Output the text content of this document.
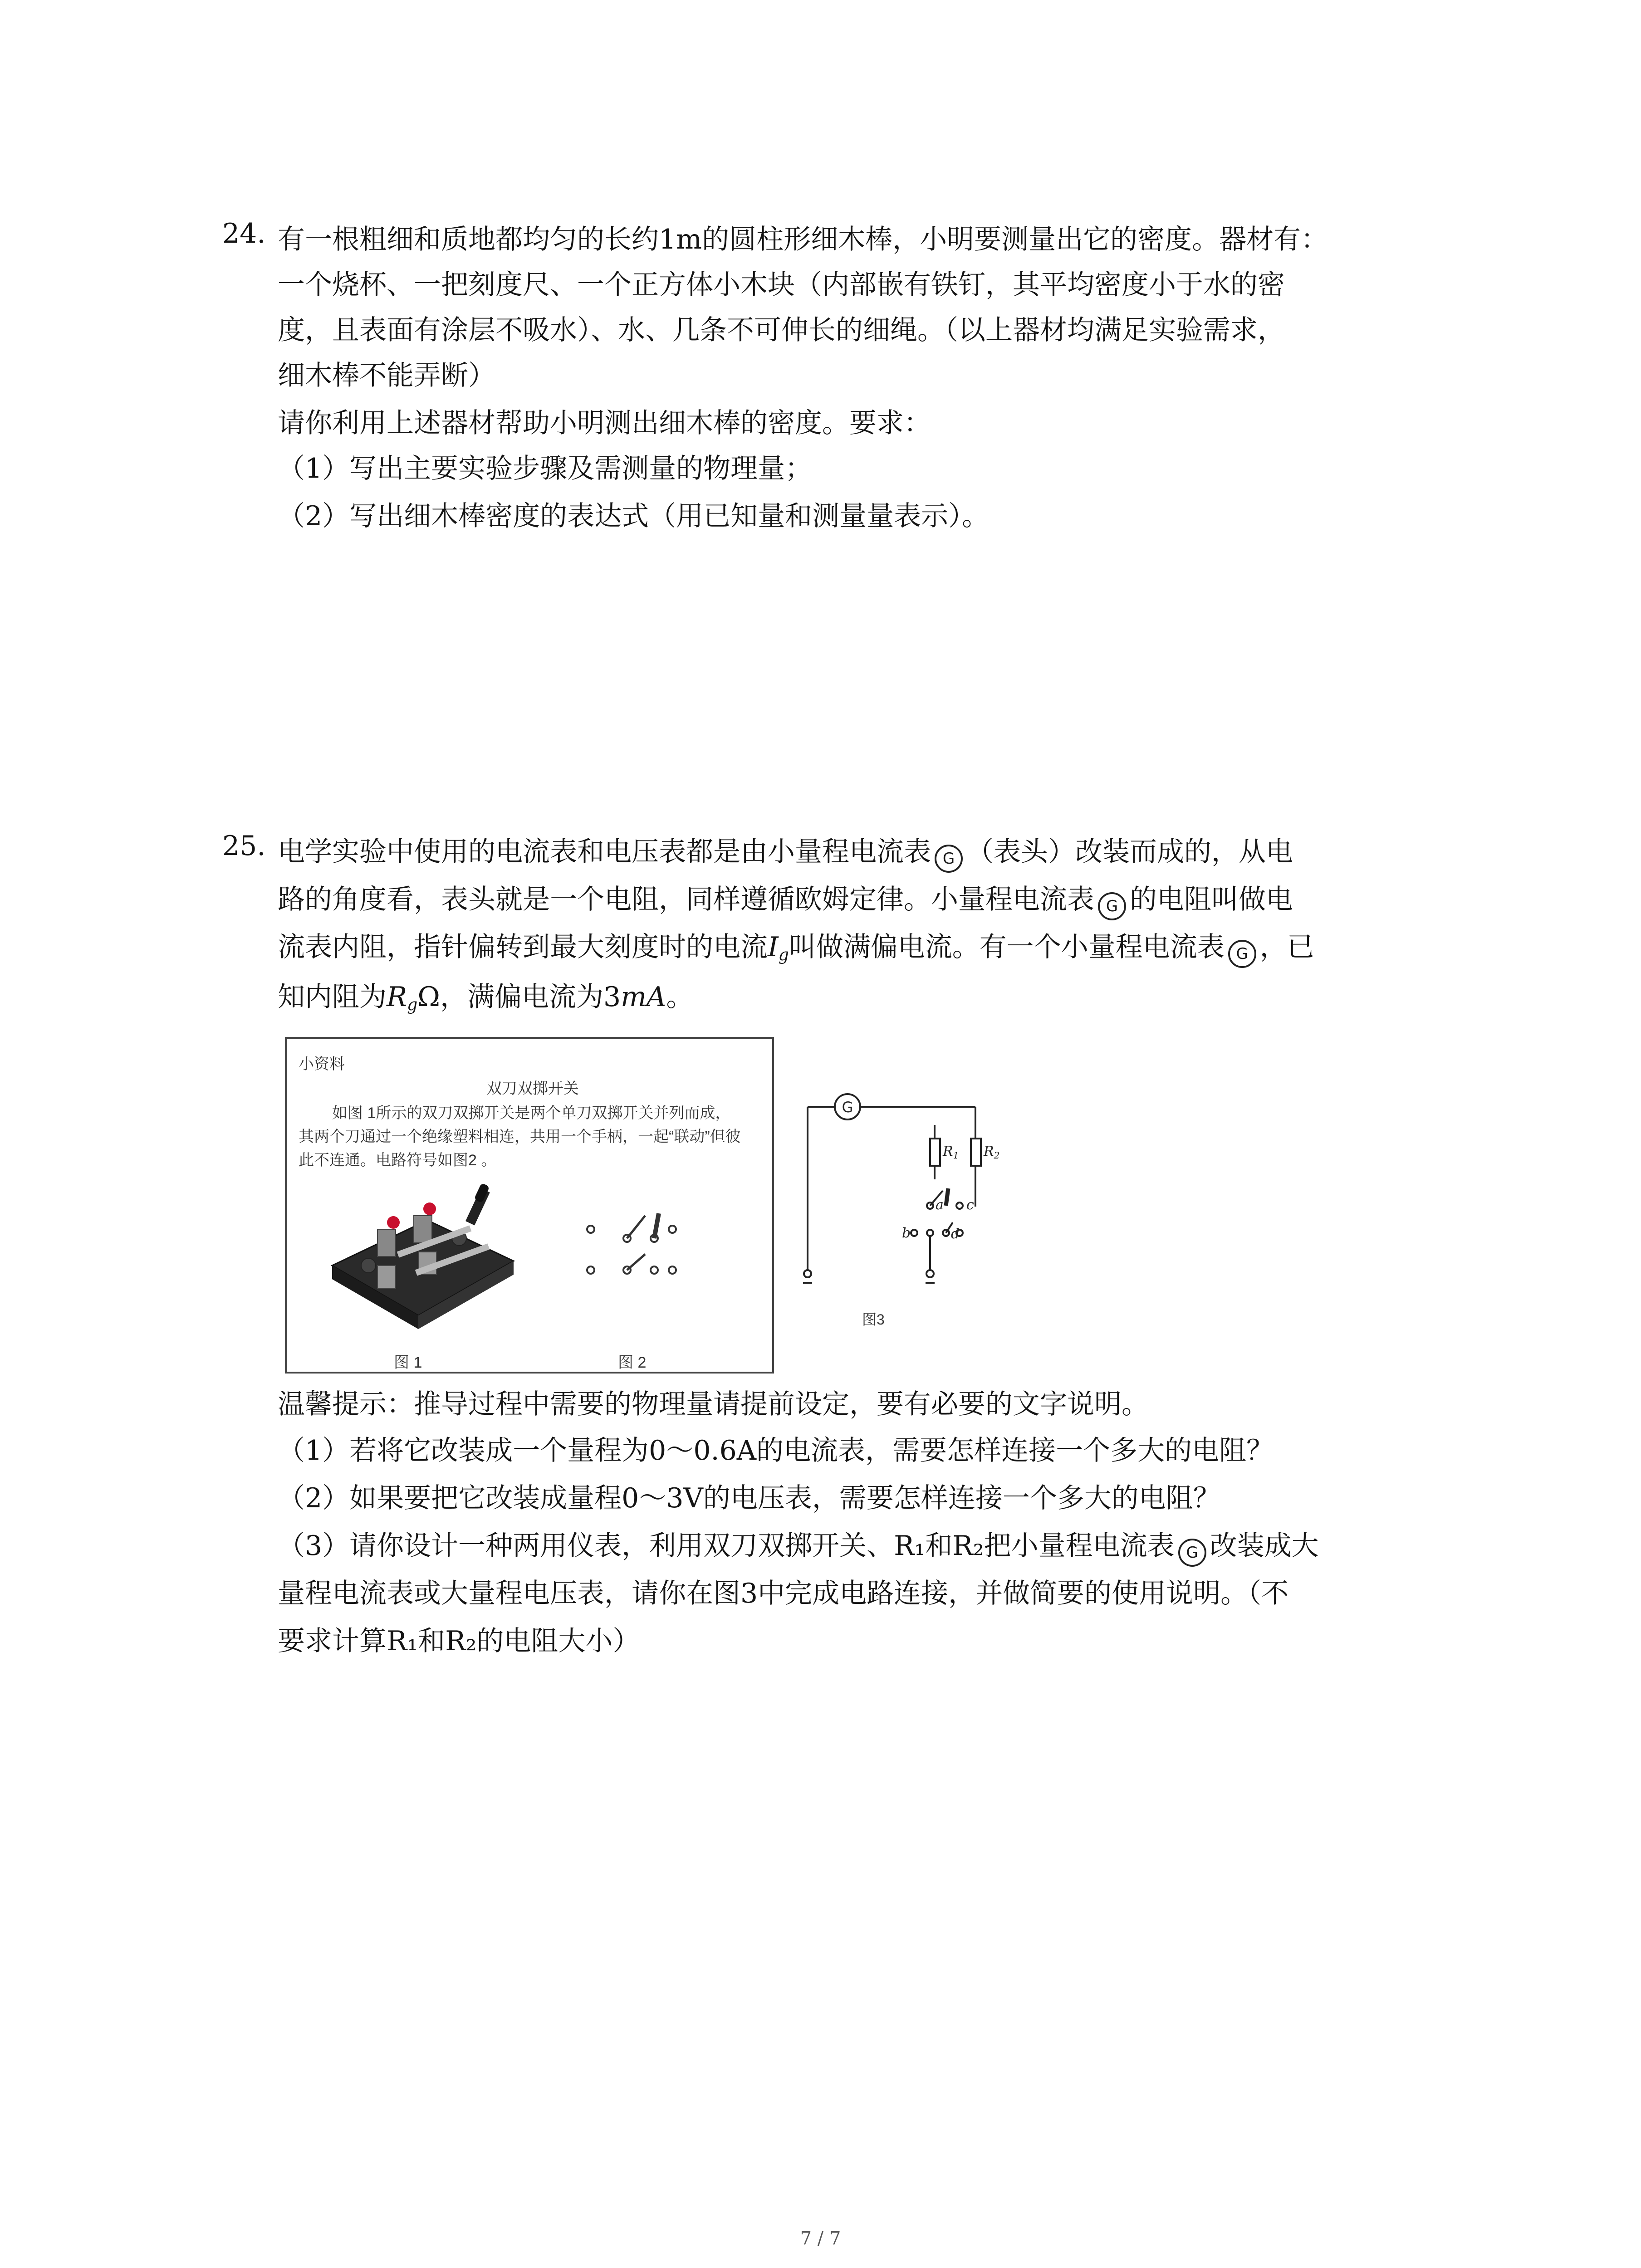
24. 有一根粗细和质地都均匀的长约1m的圆柱形细木棒，小明要测量出它的密度。器材有：
一个烧杯、一把刻度尺、一个正方体小木块（内部嵌有铁钉，其平均密度小于水的密
度，且表面有涂层不吸水）、水、几条不可伸长的细绳。（以上器材均满足实验需求，
细木棒不能弄断）
请你利用上述器材帮助小明测出细木棒的密度。要求：
（1）写出主要实验步骤及需测量的物理量；
（2）写出细木棒密度的表达式（用已知量和测量量表示）。
25. 电学实验中使用的电流表和电压表都是由小量程电流表 G （表头）改装而成的，从电
路的角度看，表头就是一个电阻，同样遵循欧姆定律。小量程电流表 G 的电阻叫做电
流表内阻，指针偏转到最大刻度时的电流$I_g$叫做满偏电流。有一个小量程电流表 G ，已
知内阻为$R_g\Omega$，满偏电流为3mA。
小资料
双刀双掷开关
如图 1所示的双刀双掷开关是两个单刀双掷开关并列而成，
其两个刀通过一个绝缘塑料相连，共用一个手柄，一起“联动”但彼
此不连通。电路符号如图2 。
图 1	图 2
G
$R_1$ $R_2$
a c
b	d
图3
温馨提示：推导过程中需要的物理量请提前设定，要有必要的文字说明。
（1）若将它改装成一个量程为0～0.6A的电流表，需要怎样连接一个多大的电阻？
（2）如果要把它改装成量程0～3V的电压表，需要怎样连接一个多大的电阻？
（3）请你设计一种两用仪表，利用双刀双掷开关、R₁和R₂把小量程电流表 G 改装成大
量程电流表或大量程电压表，请你在图3中完成电路连接，并做简要的使用说明。（不
要求计算R₁和R₂的电阻大小）
7 / 7
